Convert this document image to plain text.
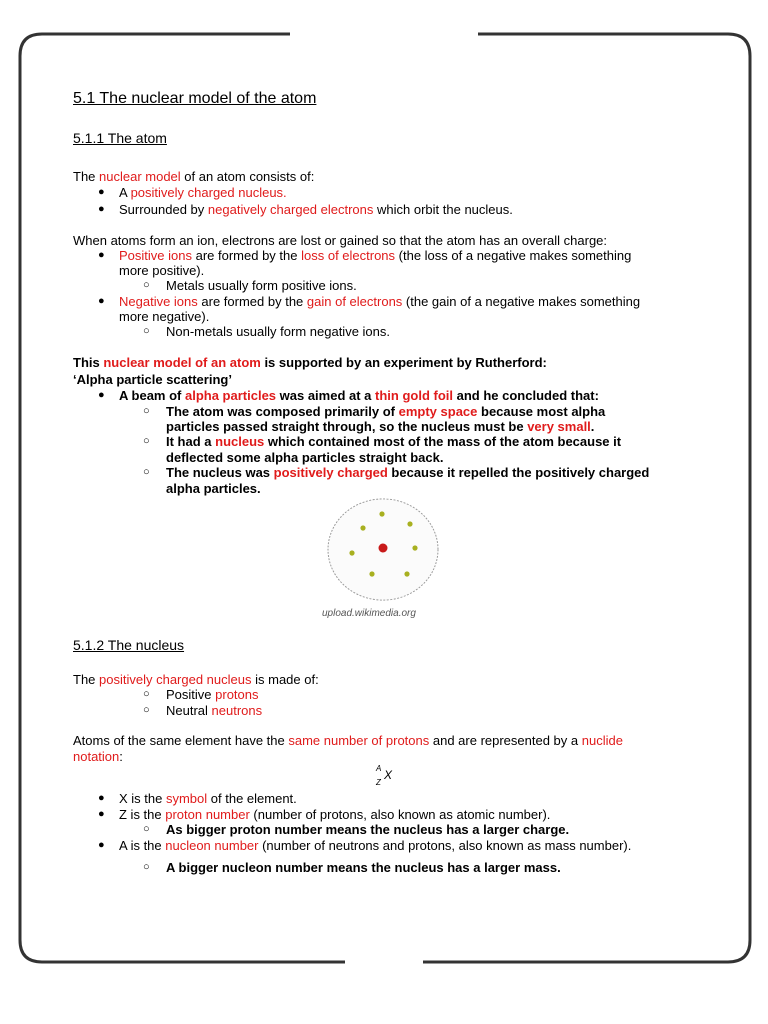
5.1 The nuclear model of the atom
5.1.1 The atom
The nuclear model of an atom consists of:
● A positively charged nucleus.
● Surrounded by negatively charged electrons which orbit the nucleus.
When atoms form an ion, electrons are lost or gained so that the atom has an overall charge:
● Positive ions are formed by the loss of electrons (the loss of a negative makes something
more positive).
○ Metals usually form positive ions.
● Negative ions are formed by the gain of electrons (the gain of a negative makes something
more negative).
○ Non-metals usually form negative ions.
This nuclear model of an atom is supported by an experiment by Rutherford:
‘Alpha particle scattering’
● A beam of alpha particles was aimed at a thin gold foil and he concluded that:
○ The atom was composed primarily of empty space because most alpha
particles passed straight through, so the nucleus must be very small.
○ It had a nucleus which contained most of the mass of the atom because it
deflected some alpha particles straight back.
○ The nucleus was positively charged because it repelled the positively charged
alpha particles.
upload.wikimedia.org
5.1.2 The nucleus
The positively charged nucleus is made of:
○ Positive protons
○ Neutral neutrons
Atoms of the same element have the same number of protons and are represented by a nuclide
notation:
A
Z
X
● X is the symbol of the element.
● Z is the proton number (number of protons, also known as atomic number).
○ As bigger proton number means the nucleus has a larger charge.
● A is the nucleon number (number of neutrons and protons, also known as mass number).
○ A bigger nucleon number means the nucleus has a larger mass.
